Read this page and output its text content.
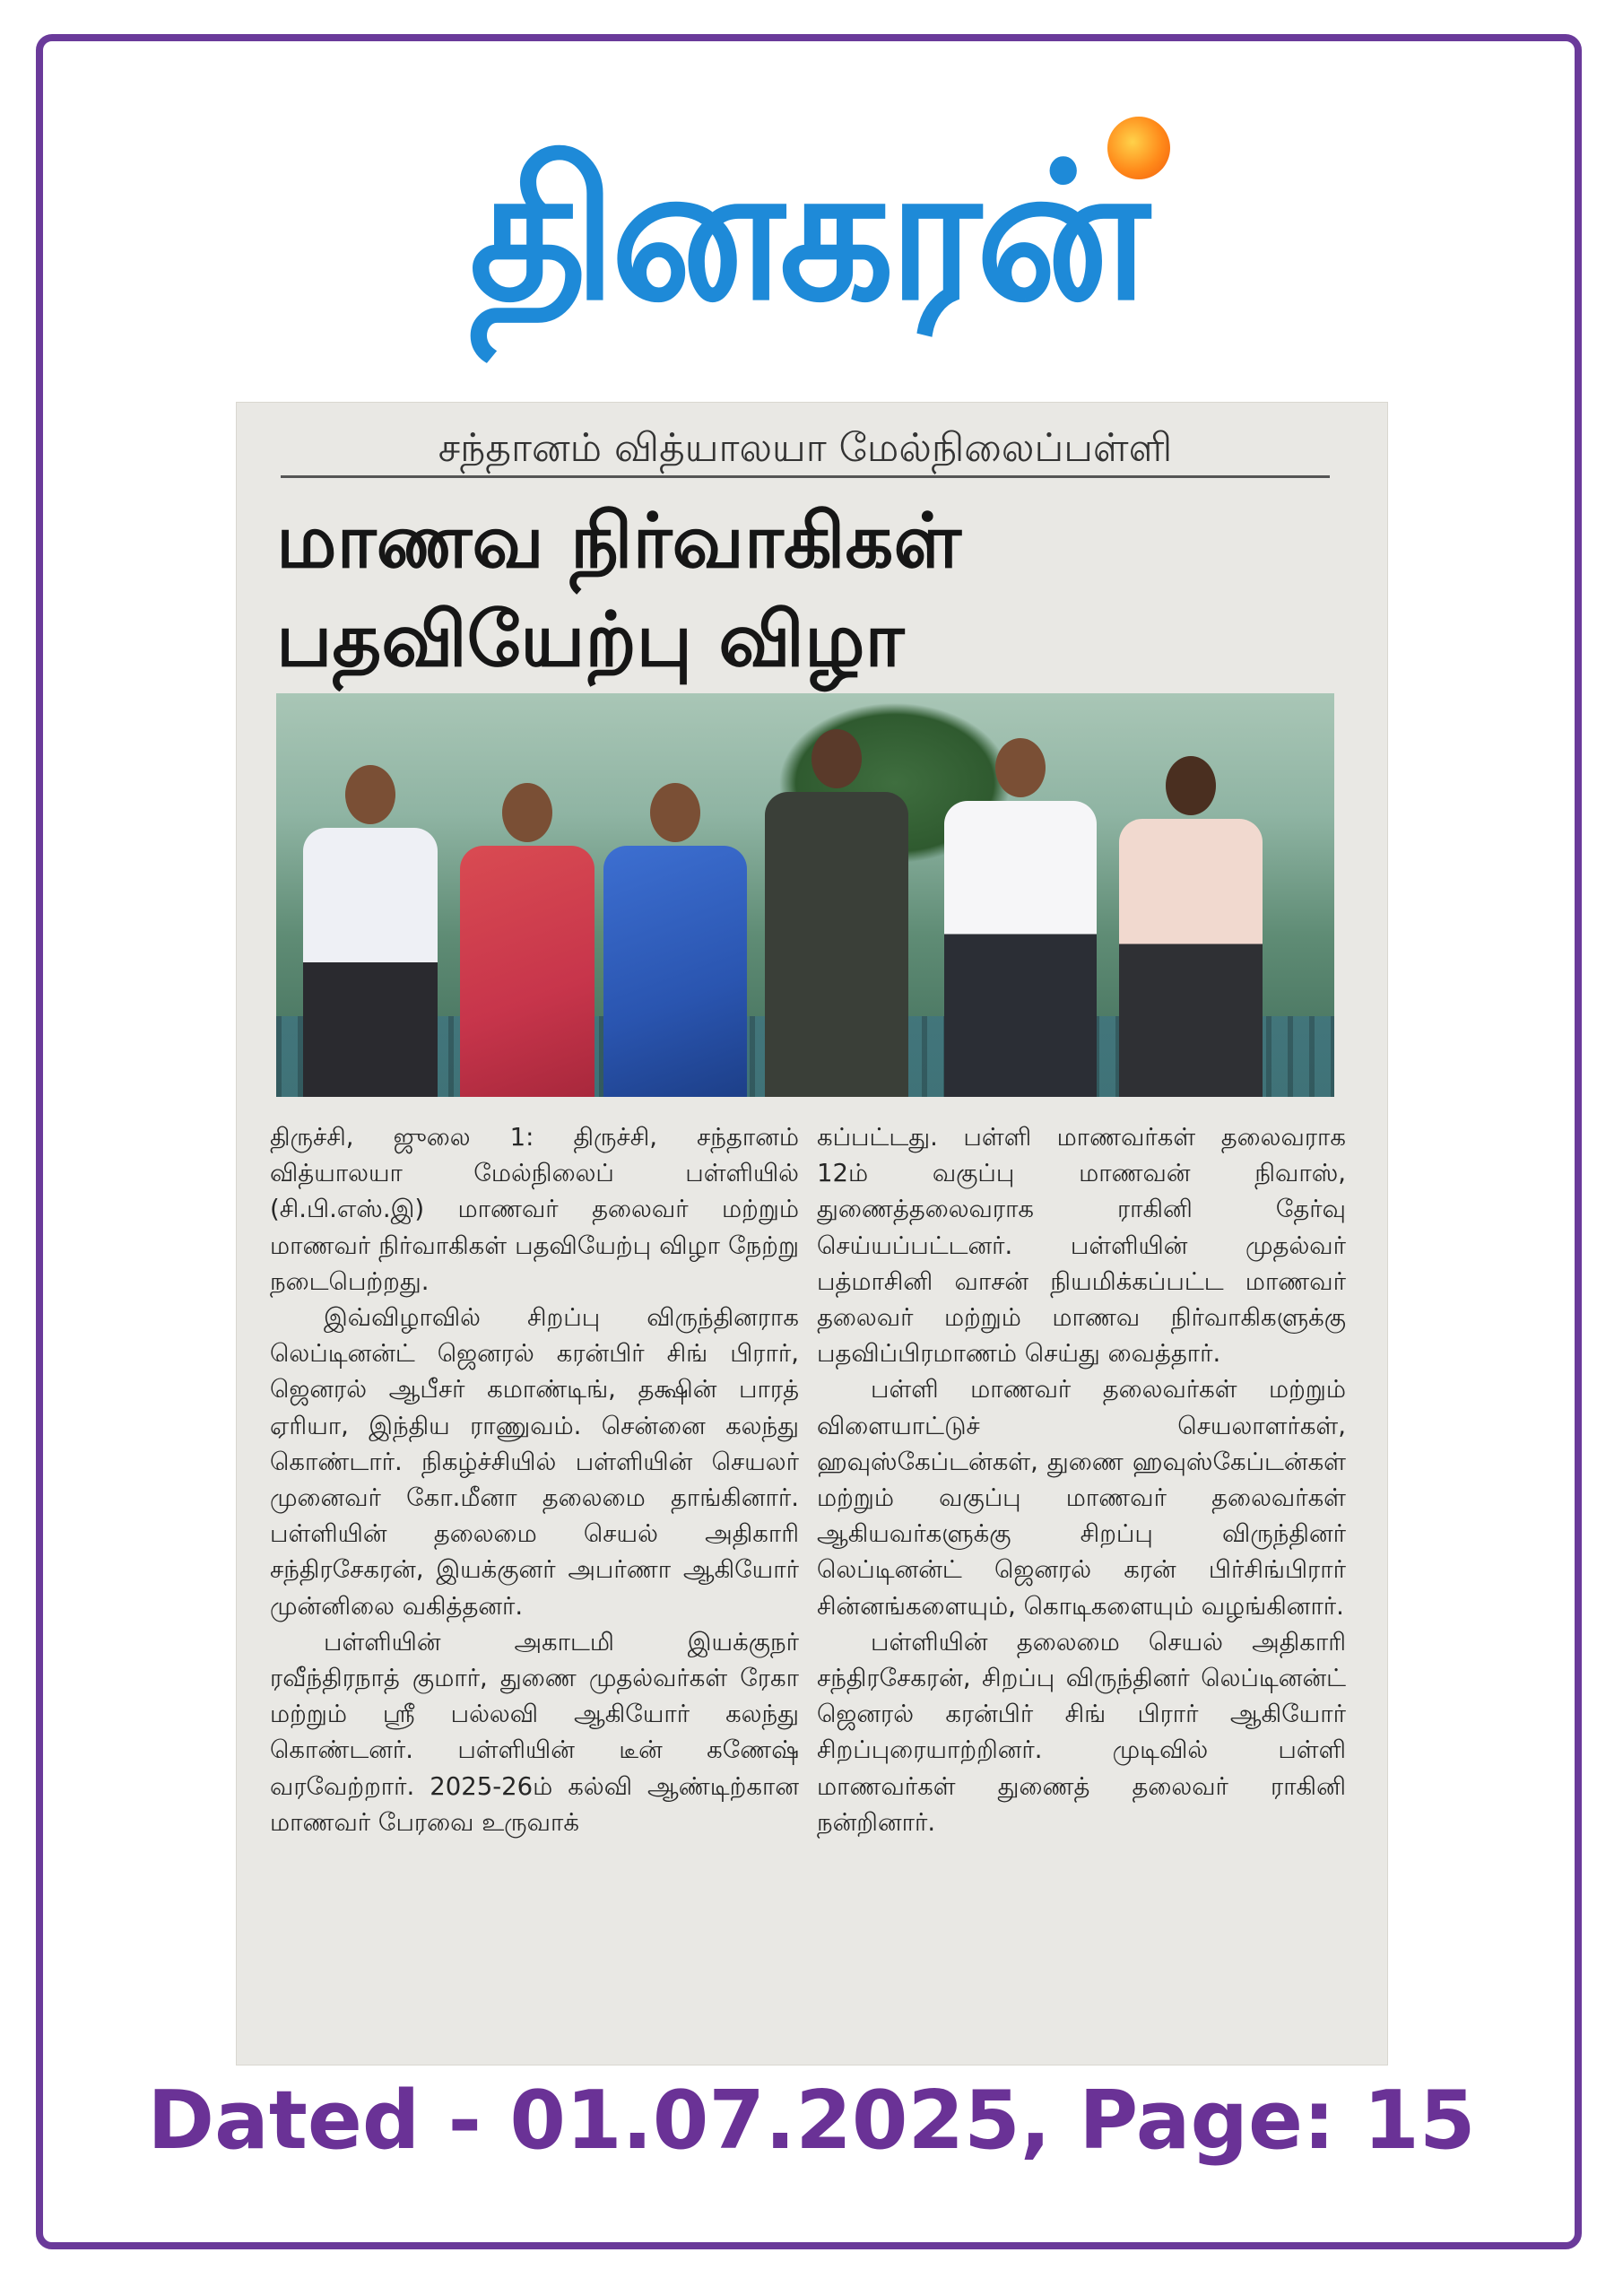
தினகரன்
சந்தானம் வித்யாலயா மேல்நிலைப்பள்ளி
மாணவ நிர்வாகிகள்
பதவியேற்பு விழா

திருச்சி, ஜுலை 1: திருச்சி, சந்தானம் வித்யாலயா மேல்நிலைப் பள்ளியில் (சி.பி.எஸ்.இ) மாணவர் தலைவர் மற்றும் மாணவர் நிர்வாகிகள் பதவியேற்பு விழா நேற்று நடைபெற்றது.

இவ்விழாவில் சிறப்பு விருந்தினராக லெப்டினன்ட் ஜெனரல் கரன்பிர் சிங் பிரார், ஜெனரல் ஆபீசர் கமாண்டிங், தக்ஷின் பாரத் ஏரியா, இந்திய ராணுவம். சென்னை கலந்து கொண்டார். நிகழ்ச்சியில் பள்ளியின் செயலர் முனைவர் கோ.மீனா தலைமை தாங்கினார். பள்ளியின் தலைமை செயல் அதிகாரி சந்திரசேகரன், இயக்குனர் அபர்ணா ஆகியோர் முன்னிலை வகித்தனர்.

பள்ளியின் அகாடமி இயக்குநர் ரவீந்திரநாத் குமார், துணை முதல்வர்கள் ரேகா மற்றும் ஸ்ரீ பல்லவி ஆகியோர் கலந்து கொண்டனர். பள்ளியின் டீன் கணேஷ் வரவேற்றார். 2025-26ம் கல்வி ஆண்டிற்கான மாணவர் பேரவை உருவாக்

கப்பட்டது. பள்ளி மாணவர்கள் தலைவராக 12ம் வகுப்பு மாணவன் நிவாஸ், துணைத்தலைவராக ராகினி தேர்வு செய்யப்பட்டனர். பள்ளியின் முதல்வர் பத்மாசினி வாசன் நியமிக்கப்பட்ட மாணவர் தலைவர் மற்றும் மாணவ நிர்வாகிகளுக்கு பதவிப்பிரமாணம் செய்து வைத்தார்.

பள்ளி மாணவர் தலைவர்கள் மற்றும் விளையாட்டுச் செயலாளர்கள், ஹவுஸ்கேப்டன்கள், துணை ஹவுஸ்கேப்டன்கள் மற்றும் வகுப்பு மாணவர் தலைவர்கள் ஆகியவர்களுக்கு சிறப்பு விருந்தினர் லெப்டினன்ட் ஜெனரல் கரன் பிர்சிங்பிரார் சின்னங்களையும், கொடிகளையும் வழங்கினார்.

பள்ளியின் தலைமை செயல் அதிகாரி சந்திரசேகரன், சிறப்பு விருந்தினர் லெப்டினன்ட் ஜெனரல் கரன்பிர் சிங் பிரார் ஆகியோர் சிறப்புரையாற்றினர். முடிவில் பள்ளி மாணவர்கள் துணைத் தலைவர் ராகினி நன்றினார்.

Dated - 01.07.2025, Page: 15
